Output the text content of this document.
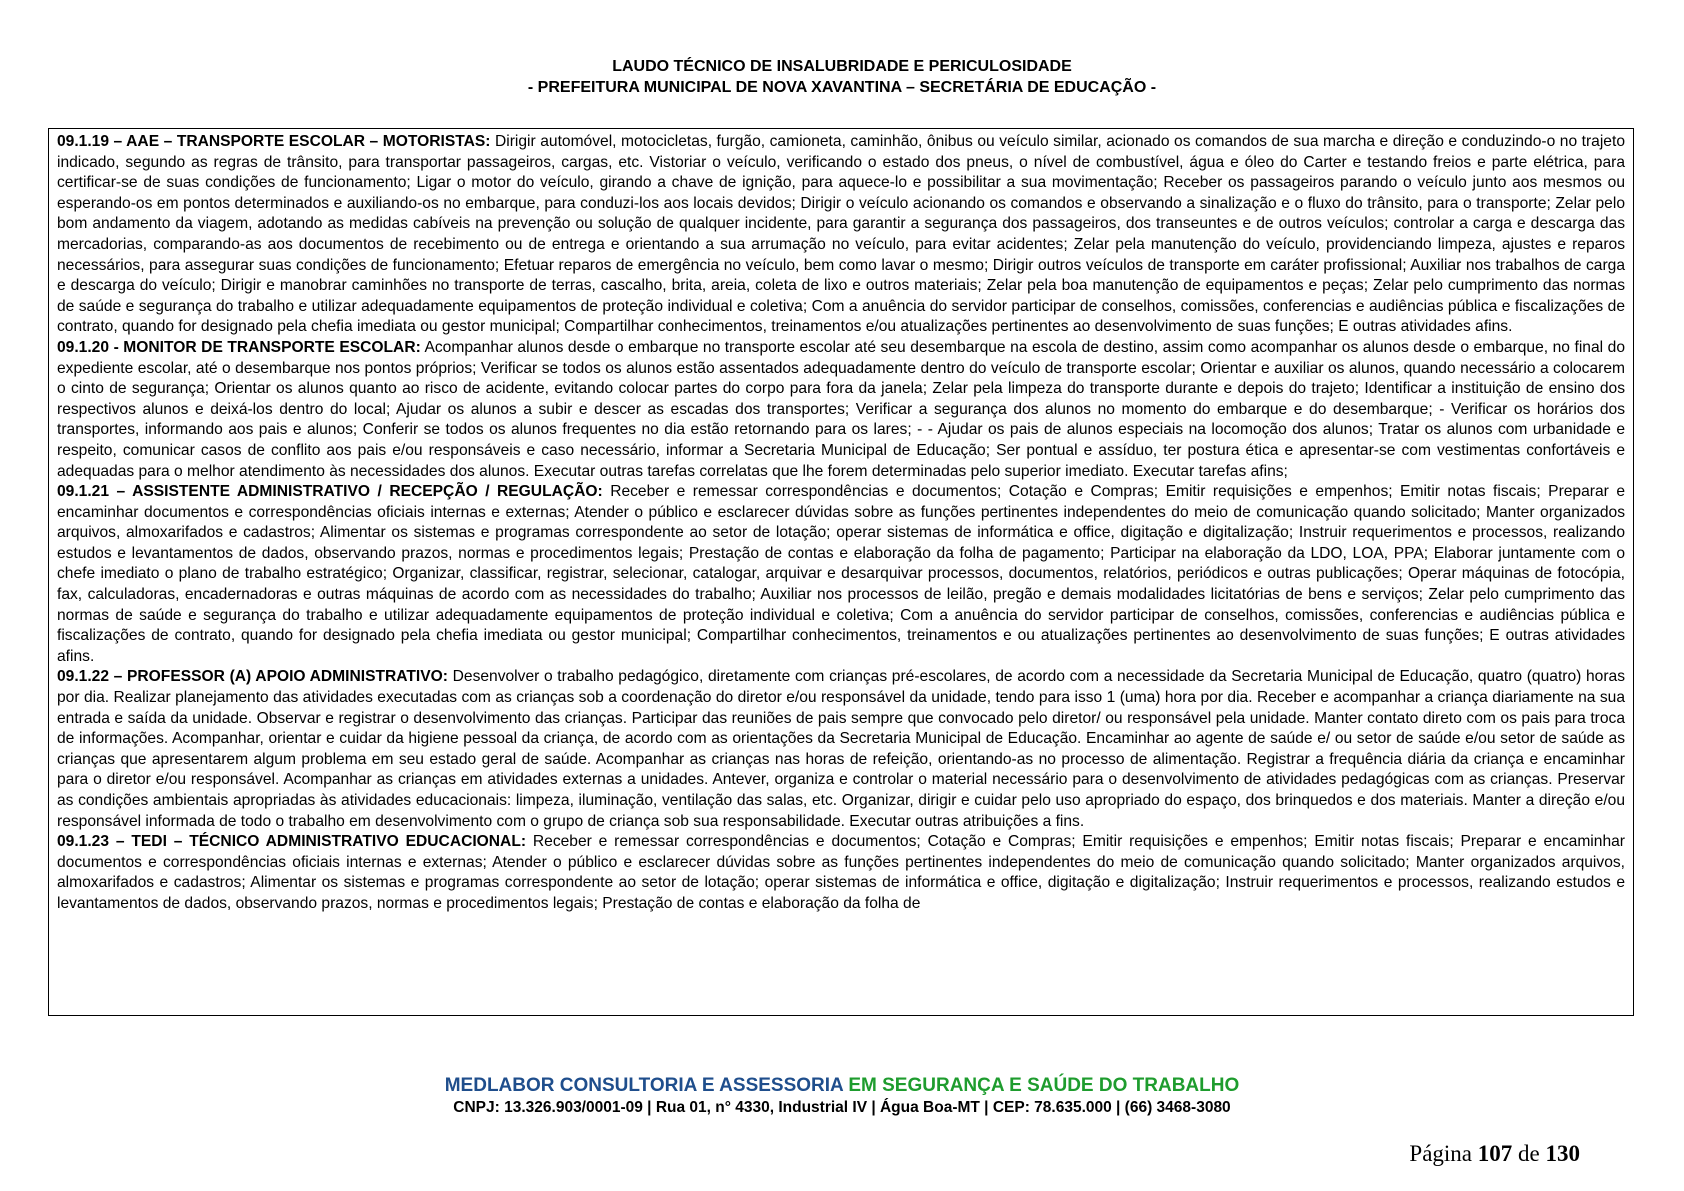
LAUDO TÉCNICO DE INSALUBRIDADE E PERICULOSIDADE
- PREFEITURA MUNICIPAL DE NOVA XAVANTINA – SECRETÁRIA DE EDUCAÇÃO -

09.1.19 – AAE – TRANSPORTE ESCOLAR – MOTORISTAS: Dirigir automóvel, motocicletas, furgão, camioneta, caminhão, ônibus ou veículo similar, acionado os comandos de sua marcha e direção e conduzindo-o no trajeto indicado, segundo as regras de trânsito, para transportar passageiros, cargas, etc. Vistoriar o veículo, verificando o estado dos pneus, o nível de combustível, água e óleo do Carter e testando freios e parte elétrica, para certificar-se de suas condições de funcionamento; Ligar o motor do veículo, girando a chave de ignição, para aquece-lo e possibilitar a sua movimentação; Receber os passageiros parando o veículo junto aos mesmos ou esperando-os em pontos determinados e auxiliando-os no embarque, para conduzi-los aos locais devidos; Dirigir o veículo acionando os comandos e observando a sinalização e o fluxo do trânsito, para o transporte; Zelar pelo bom andamento da viagem, adotando as medidas cabíveis na prevenção ou solução de qualquer incidente, para garantir a segurança dos passageiros, dos transeuntes e de outros veículos; controlar a carga e descarga das mercadorias, comparando-as aos documentos de recebimento ou de entrega e orientando a sua arrumação no veículo, para evitar acidentes; Zelar pela manutenção do veículo, providenciando limpeza, ajustes e reparos necessários, para assegurar suas condições de funcionamento; Efetuar reparos de emergência no veículo, bem como lavar o mesmo; Dirigir outros veículos de transporte em caráter profissional; Auxiliar nos trabalhos de carga e descarga do veículo; Dirigir e manobrar caminhões no transporte de terras, cascalho, brita, areia, coleta de lixo e outros materiais; Zelar pela boa manutenção de equipamentos e peças; Zelar pelo cumprimento das normas de saúde e segurança do trabalho e utilizar adequadamente equipamentos de proteção individual e coletiva; Com a anuência do servidor participar de conselhos, comissões, conferencias e audiências pública e fiscalizações de contrato, quando for designado pela chefia imediata ou gestor municipal; Compartilhar conhecimentos, treinamentos e/ou atualizações pertinentes ao desenvolvimento de suas funções; E outras atividades afins.

09.1.20 - MONITOR DE TRANSPORTE ESCOLAR: Acompanhar alunos desde o embarque no transporte escolar até seu desembarque na escola de destino, assim como acompanhar os alunos desde o embarque, no final do expediente escolar, até o desembarque nos pontos próprios; Verificar se todos os alunos estão assentados adequadamente dentro do veículo de transporte escolar; Orientar e auxiliar os alunos, quando necessário a colocarem o cinto de segurança; Orientar os alunos quanto ao risco de acidente, evitando colocar partes do corpo para fora da janela; Zelar pela limpeza do transporte durante e depois do trajeto; Identificar a instituição de ensino dos respectivos alunos e deixá-los dentro do local; Ajudar os alunos a subir e descer as escadas dos transportes; Verificar a segurança dos alunos no momento do embarque e do desembarque; - Verificar os horários dos transportes, informando aos pais e alunos; Conferir se todos os alunos frequentes no dia estão retornando para os lares; - - Ajudar os pais de alunos especiais na locomoção dos alunos; Tratar os alunos com urbanidade e respeito, comunicar casos de conflito aos pais e/ou responsáveis e caso necessário, informar a Secretaria Municipal de Educação; Ser pontual e assíduo, ter postura ética e apresentar-se com vestimentas confortáveis e adequadas para o melhor atendimento às necessidades dos alunos. Executar outras tarefas correlatas que lhe forem determinadas pelo superior imediato. Executar tarefas afins;

09.1.21 – ASSISTENTE ADMINISTRATIVO / RECEPÇÃO / REGULAÇÃO: Receber e remessar correspondências e documentos; Cotação e Compras; Emitir requisições e empenhos; Emitir notas fiscais; Preparar e encaminhar documentos e correspondências oficiais internas e externas; Atender o público e esclarecer dúvidas sobre as funções pertinentes independentes do meio de comunicação quando solicitado; Manter organizados arquivos, almoxarifados e cadastros; Alimentar os sistemas e programas correspondente ao setor de lotação; operar sistemas de informática e office, digitação e digitalização; Instruir requerimentos e processos, realizando estudos e levantamentos de dados, observando prazos, normas e procedimentos legais; Prestação de contas e elaboração da folha de pagamento; Participar na elaboração da LDO, LOA, PPA; Elaborar juntamente com o chefe imediato o plano de trabalho estratégico; Organizar, classificar, registrar, selecionar, catalogar, arquivar e desarquivar processos, documentos, relatórios, periódicos e outras publicações; Operar máquinas de fotocópia, fax, calculadoras, encadernadoras e outras máquinas de acordo com as necessidades do trabalho; Auxiliar nos processos de leilão, pregão e demais modalidades licitatórias de bens e serviços; Zelar pelo cumprimento das normas de saúde e segurança do trabalho e utilizar adequadamente equipamentos de proteção individual e coletiva; Com a anuência do servidor participar de conselhos, comissões, conferencias e audiências pública e fiscalizações de contrato, quando for designado pela chefia imediata ou gestor municipal; Compartilhar conhecimentos, treinamentos e ou atualizações pertinentes ao desenvolvimento de suas funções; E outras atividades afins.

09.1.22 – PROFESSOR (A) APOIO ADMINISTRATIVO: Desenvolver o trabalho pedagógico, diretamente com crianças pré-escolares, de acordo com a necessidade da Secretaria Municipal de Educação, quatro (quatro) horas por dia. Realizar planejamento das atividades executadas com as crianças sob a coordenação do diretor e/ou responsável da unidade, tendo para isso 1 (uma) hora por dia. Receber e acompanhar a criança diariamente na sua entrada e saída da unidade. Observar e registrar o desenvolvimento das crianças. Participar das reuniões de pais sempre que convocado pelo diretor/ ou responsável pela unidade. Manter contato direto com os pais para troca de informações. Acompanhar, orientar e cuidar da higiene pessoal da criança, de acordo com as orientações da Secretaria Municipal de Educação. Encaminhar ao agente de saúde e/ ou setor de saúde e/ou setor de saúde as crianças que apresentarem algum problema em seu estado geral de saúde. Acompanhar as crianças nas horas de refeição, orientando-as no processo de alimentação. Registrar a frequência diária da criança e encaminhar para o diretor e/ou responsável. Acompanhar as crianças em atividades externas a unidades. Antever, organiza e controlar o material necessário para o desenvolvimento de atividades pedagógicas com as crianças. Preservar as condições ambientais apropriadas às atividades educacionais: limpeza, iluminação, ventilação das salas, etc. Organizar, dirigir e cuidar pelo uso apropriado do espaço, dos brinquedos e dos materiais. Manter a direção e/ou responsável informada de todo o trabalho em desenvolvimento com o grupo de criança sob sua responsabilidade. Executar outras atribuições a fins.

09.1.23 – TEDI – TÉCNICO ADMINISTRATIVO EDUCACIONAL: Receber e remessar correspondências e documentos; Cotação e Compras; Emitir requisições e empenhos; Emitir notas fiscais; Preparar e encaminhar documentos e correspondências oficiais internas e externas; Atender o público e esclarecer dúvidas sobre as funções pertinentes independentes do meio de comunicação quando solicitado; Manter organizados arquivos, almoxarifados e cadastros; Alimentar os sistemas e programas correspondente ao setor de lotação; operar sistemas de informática e office, digitação e digitalização; Instruir requerimentos e processos, realizando estudos e levantamentos de dados, observando prazos, normas e procedimentos legais; Prestação de contas e elaboração da folha de

MEDLABOR CONSULTORIA E ASSESSORIA EM SEGURANÇA E SAÚDE DO TRABALHO
CNPJ: 13.326.903/0001-09 | Rua 01, n° 4330, Industrial IV | Água Boa-MT | CEP: 78.635.000 | (66) 3468-3080
Página 107 de 130
